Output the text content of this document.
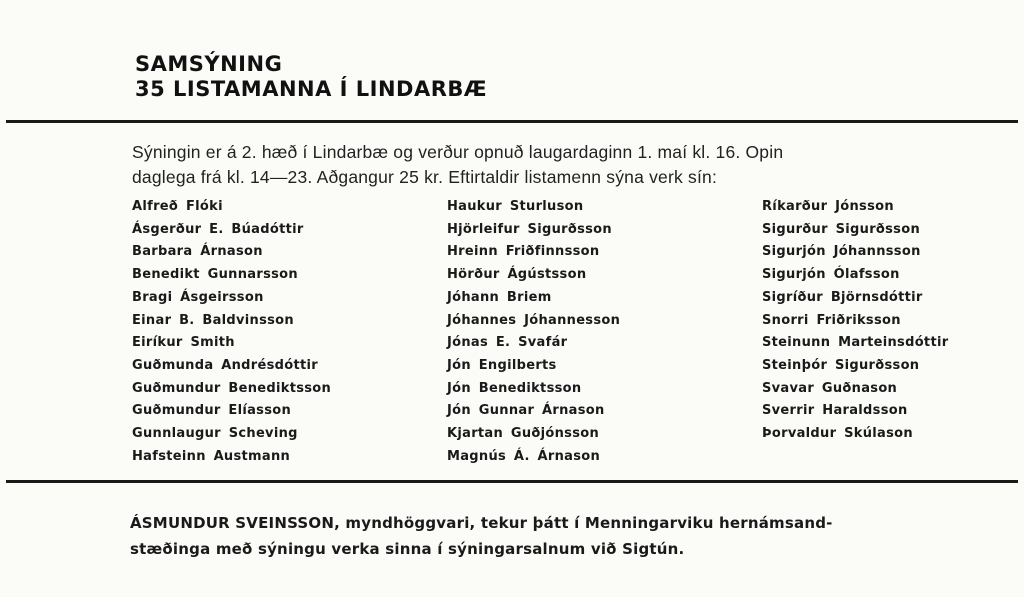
SAMSÝNING
35 LISTAMANNA Í LINDARBÆ
Sýningin er á 2. hæð í Lindarbæ og verður opnuð laugardaginn 1. maí kl. 16. Opin
daglega frá kl. 14—23. Aðgangur 25 kr. Eftirtaldir listamenn sýna verk sín:
Alfreð Flóki
Ásgerður E. Búadóttir
Barbara Árnason
Benedikt Gunnarsson
Bragi Ásgeirsson
Einar B. Baldvinsson
Eiríkur Smith
Guðmunda Andrésdóttir
Guðmundur Benediktsson
Guðmundur Elíasson
Gunnlaugur Scheving
Hafsteinn Austmann
Haukur Sturluson
Hjörleifur Sigurðsson
Hreinn Friðfinnsson
Hörður Ágústsson
Jóhann Briem
Jóhannes Jóhannesson
Jónas E. Svafár
Jón Engilberts
Jón Benediktsson
Jón Gunnar Árnason
Kjartan Guðjónsson
Magnús Á. Árnason
Ríkarður Jónsson
Sigurður Sigurðsson
Sigurjón Jóhannsson
Sigurjón Ólafsson
Sigríður Björnsdóttir
Snorri Friðriksson
Steinunn Marteinsdóttir
Steinþór Sigurðsson
Svavar Guðnason
Sverrir Haraldsson
Þorvaldur Skúlason
ÁSMUNDUR SVEINSSON, myndhöggvari, tekur þátt í Menningarviku hernámsand-
stæðinga með sýningu verka sinna í sýningarsalnum við Sigtún.
